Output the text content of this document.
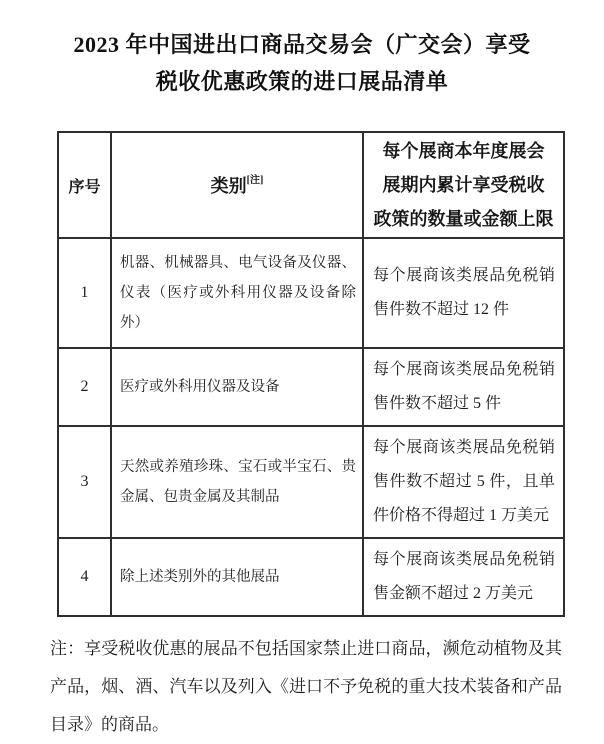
2023 年中国进出口商品交易会（广交会）享受
税收优惠政策的进口展品清单
序号	类别[注]	每个展商本年度展会
展期内累计享受税收
政策的数量或金额上限

1	机器、机械器具、电气设备及仪器、仪表（医疗或外科用仪器及设备除外）	每个展商该类展品免税销售件数不超过 12 件
2	医疗或外科用仪器及设备	每个展商该类展品免税销售件数不超过 5 件
3	天然或养殖珍珠、宝石或半宝石、贵金属、包贵金属及其制品	每个展商该类展品免税销售件数不超过 5 件，且单件价格不得超过 1 万美元
4	除上述类别外的其他展品	每个展商该类展品免税销售金额不超过 2 万美元

注：享受税收优惠的展品不包括国家禁止进口商品，濒危动植物及其产品，烟、酒、汽车以及列入《进口不予免税的重大技术装备和产品目录》的商品。
